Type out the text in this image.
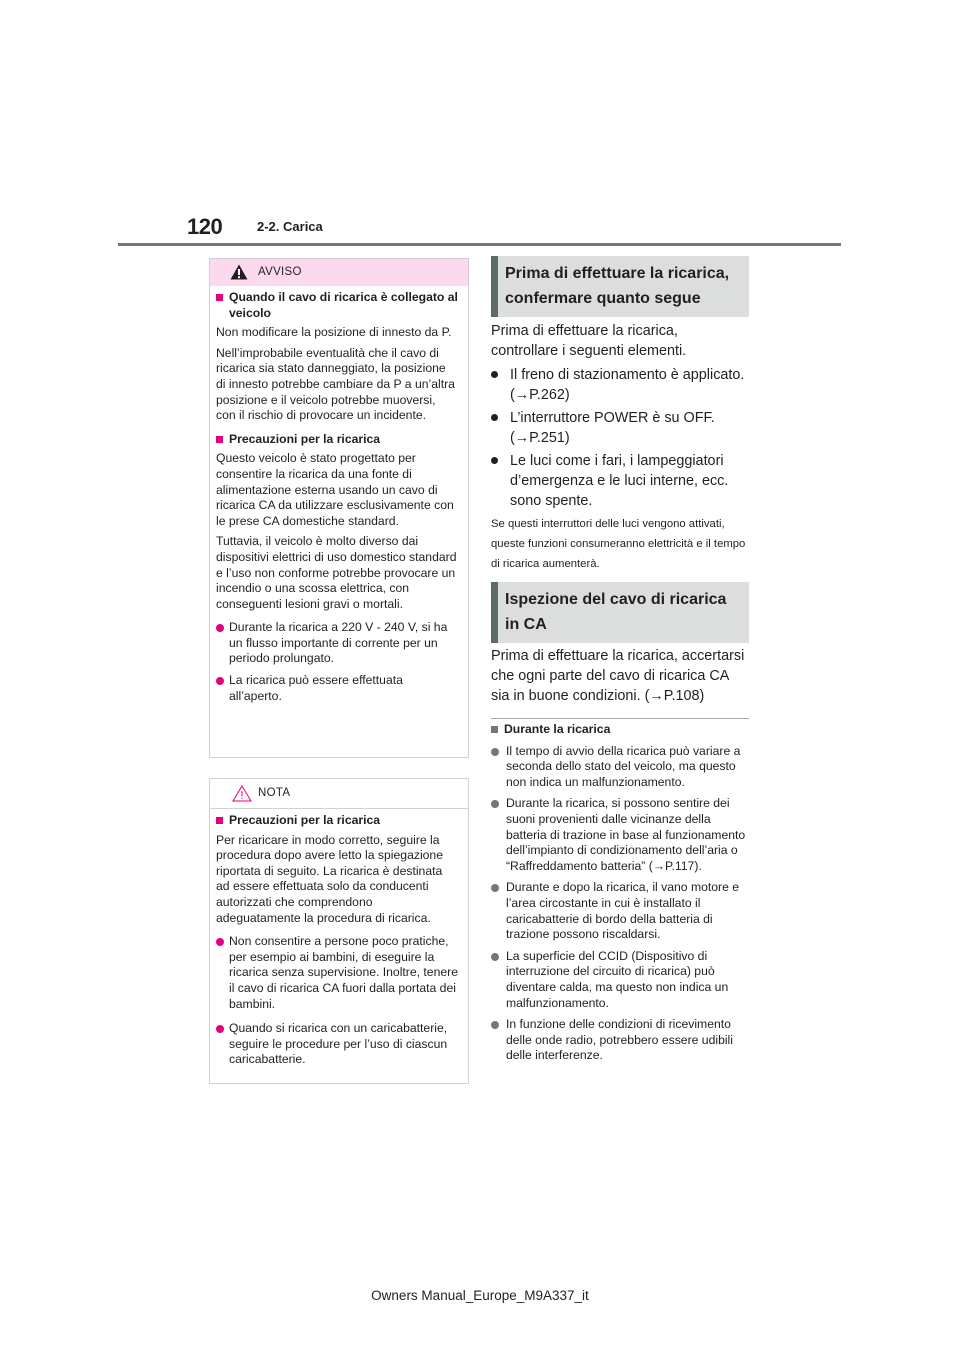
120	2-2. Carica
AVVISO
Quando il cavo di ricarica è collegato al veicolo

Non modificare la posizione di innesto da P.

Nell’improbabile eventualità che il cavo di ricarica sia stato danneggiato, la posizione di innesto potrebbe cambiare da P a un’altra posizione e il veicolo potrebbe muoversi, con il rischio di provocare un incidente.

Precauzioni per la ricarica

Questo veicolo è stato progettato per consentire la ricarica da una fonte di alimentazione esterna usando un cavo di ricarica CA da utilizzare esclusivamente con le prese CA domestiche standard.

Tuttavia, il veicolo è molto diverso dai dispositivi elettrici di uso domestico standard e l’uso non conforme potrebbe provocare un incendio o una scossa elettrica, con conseguenti lesioni gravi o mortali.

Durante la ricarica a 220 V - 240 V, si ha un flusso importante di corrente per un periodo prolungato.
La ricarica può essere effettuata all’aperto.
NOTA
Precauzioni per la ricarica

Per ricaricare in modo corretto, seguire la procedura dopo avere letto la spiegazione riportata di seguito. La ricarica è destinata ad essere effettuata solo da conducenti autorizzati che comprendono adeguatamente la procedura di ricarica.

Non consentire a persone poco pratiche, per esempio ai bambini, di eseguire la ricarica senza supervisione. Inoltre, tenere il cavo di ricarica CA fuori dalla portata dei bambini.
Quando si ricarica con un caricabatterie, seguire le procedure per l’uso di ciascun caricabatterie.
Prima di effettuare la ricarica, confermare quanto segue

Prima di effettuare la ricarica, controllare i seguenti elementi.

Il freno di stazionamento è applicato. (→P.262)
L’interruttore POWER è su OFF. (→P.251)
Le luci come i fari, i lampeggiatori d’emergenza e le luci interne, ecc. sono spente.

Se questi interruttori delle luci vengono attivati, queste funzioni consumeranno elettricità e il tempo di ricarica aumenterà.

Ispezione del cavo di ricarica in CA
Prima di effettuare la ricarica, accertarsi che ogni parte del cavo di ricarica CA sia in buone condizioni. (→P.108)
Durante la ricarica
Il tempo di avvio della ricarica può variare a seconda dello stato del veicolo, ma questo non indica un malfunzionamento.
Durante la ricarica, si possono sentire dei suoni provenienti dalle vicinanze della batteria di trazione in base al funzionamento dell’impianto di condizionamento dell’aria o “Raffreddamento batteria” (→P.117).
Durante e dopo la ricarica, il vano motore e l’area circostante in cui è installato il caricabatterie di bordo della batteria di trazione possono riscaldarsi.
La superficie del CCID (Dispositivo di interruzione del circuito di ricarica) può diventare calda, ma questo non indica un malfunzionamento.
In funzione delle condizioni di ricevimento delle onde radio, potrebbero essere udibili delle interferenze.
Owners Manual_Europe_M9A337_it
